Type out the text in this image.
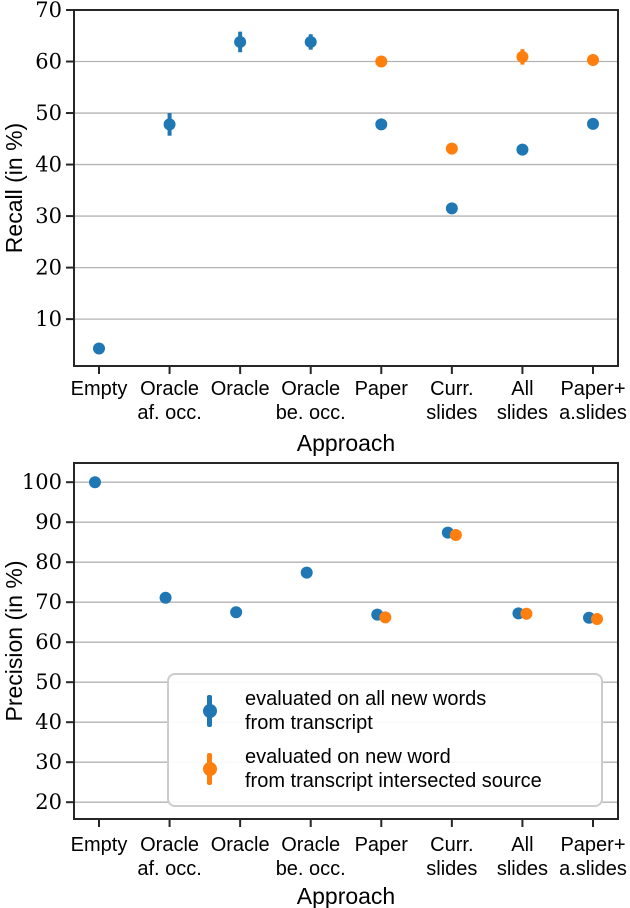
10
20
30
40
50
60
70
Empty Oracle
af. occ.
Oracle Oracle
be. occ.
Paper Curr.
slides
All
slides
Paper+
a.slides
Approach
Recall (in %)
20
30
40
50
60
70
80
90
100
Empty Oracle
af. occ.
Oracle Oracle
be. occ.
Paper Curr.
slides
All
slides
Paper+
a.slides
Approach
Precision (in %)	evaluated on all new words
from transcript
evaluated on new word
from transcript intersected source
